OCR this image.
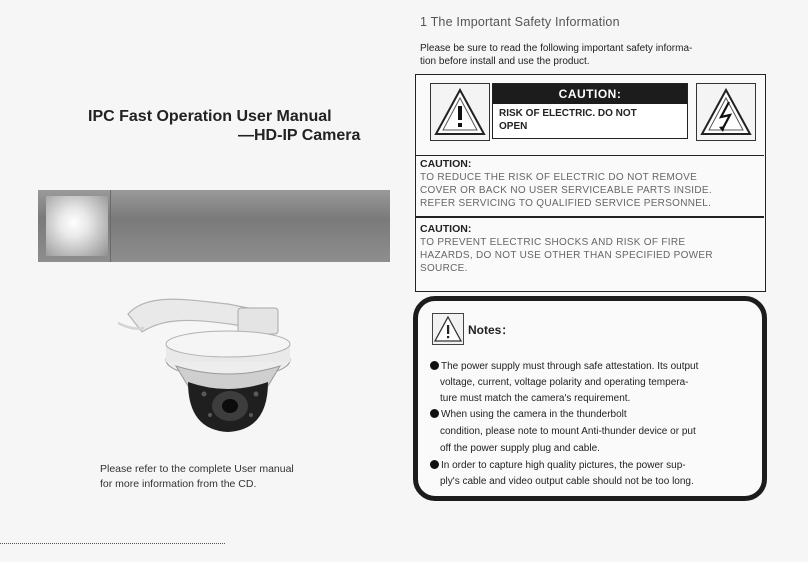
IPC Fast Operation User Manual
—HD-IP Camera
Please refer to the complete User manual
for more information from the CD.
1 The Important Safety Information
Please be sure to read the following important safety informa-
tion before install and use the product.
CAUTION:
RISK OF ELECTRIC. DO NOT
OPEN
CAUTION:
TO REDUCE THE RISK OF ELECTRIC DO NOT REMOVE
COVER OR BACK NO USER SERVICEABLE PARTS INSIDE.
REFER SERVICING TO QUALIFIED SERVICE PERSONNEL.
CAUTION:
TO PREVENT ELECTRIC SHOCKS AND RISK OF FIRE
HAZARDS, DO NOT USE OTHER THAN SPECIFIED POWER
SOURCE.
Notes：
The power supply must through safe attestation. Its output
voltage, current, voltage polarity and operating tempera-
ture must match the camera's requirement.
When using the camera in the thunderbolt
condition, please note to mount Anti-thunder device or put
off the power supply plug and cable.
In order to capture high quality pictures, the power sup-
ply's cable and video output cable should not be too long.
